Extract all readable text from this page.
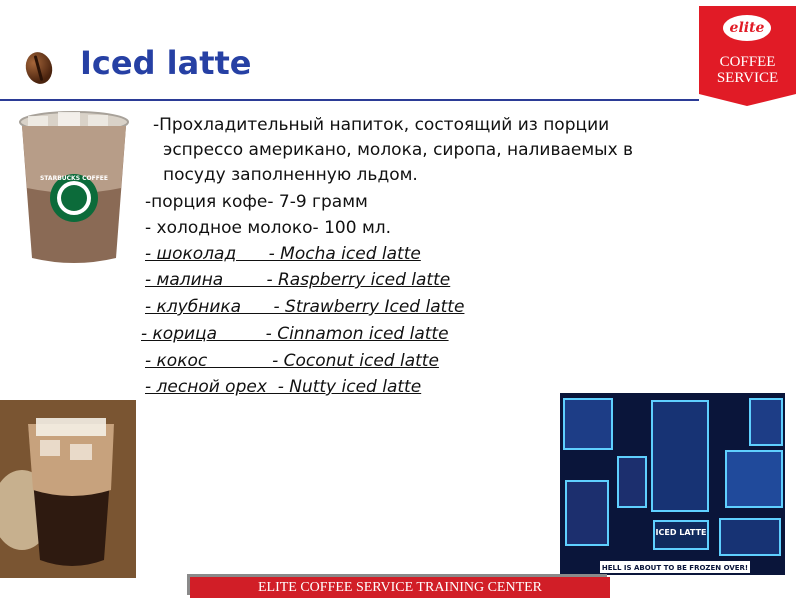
Iced latte
elite
COFFEE
SERVICE
STARBUCKS COFFEE
ICED LATTE
HELL IS ABOUT TO BE FROZEN OVER!
-Прохладительный напиток, состоящий из порции
эспрессо американо, молока, сиропа, наливаемых в
посуду заполненную льдом.
-порция кофе- 7-9 грамм
- холодное молоко- 100 мл.
- шоколад      - Mocha iced latte
- малина        - Raspberry iced latte
- клубника      - Strawberry Iced latte
- корица         - Cinnamon iced latte
- кокос            - Coconut iced latte
- лесной орех  - Nutty iced latte
ELITE COFFEE SERVICE TRAINING CENTER
